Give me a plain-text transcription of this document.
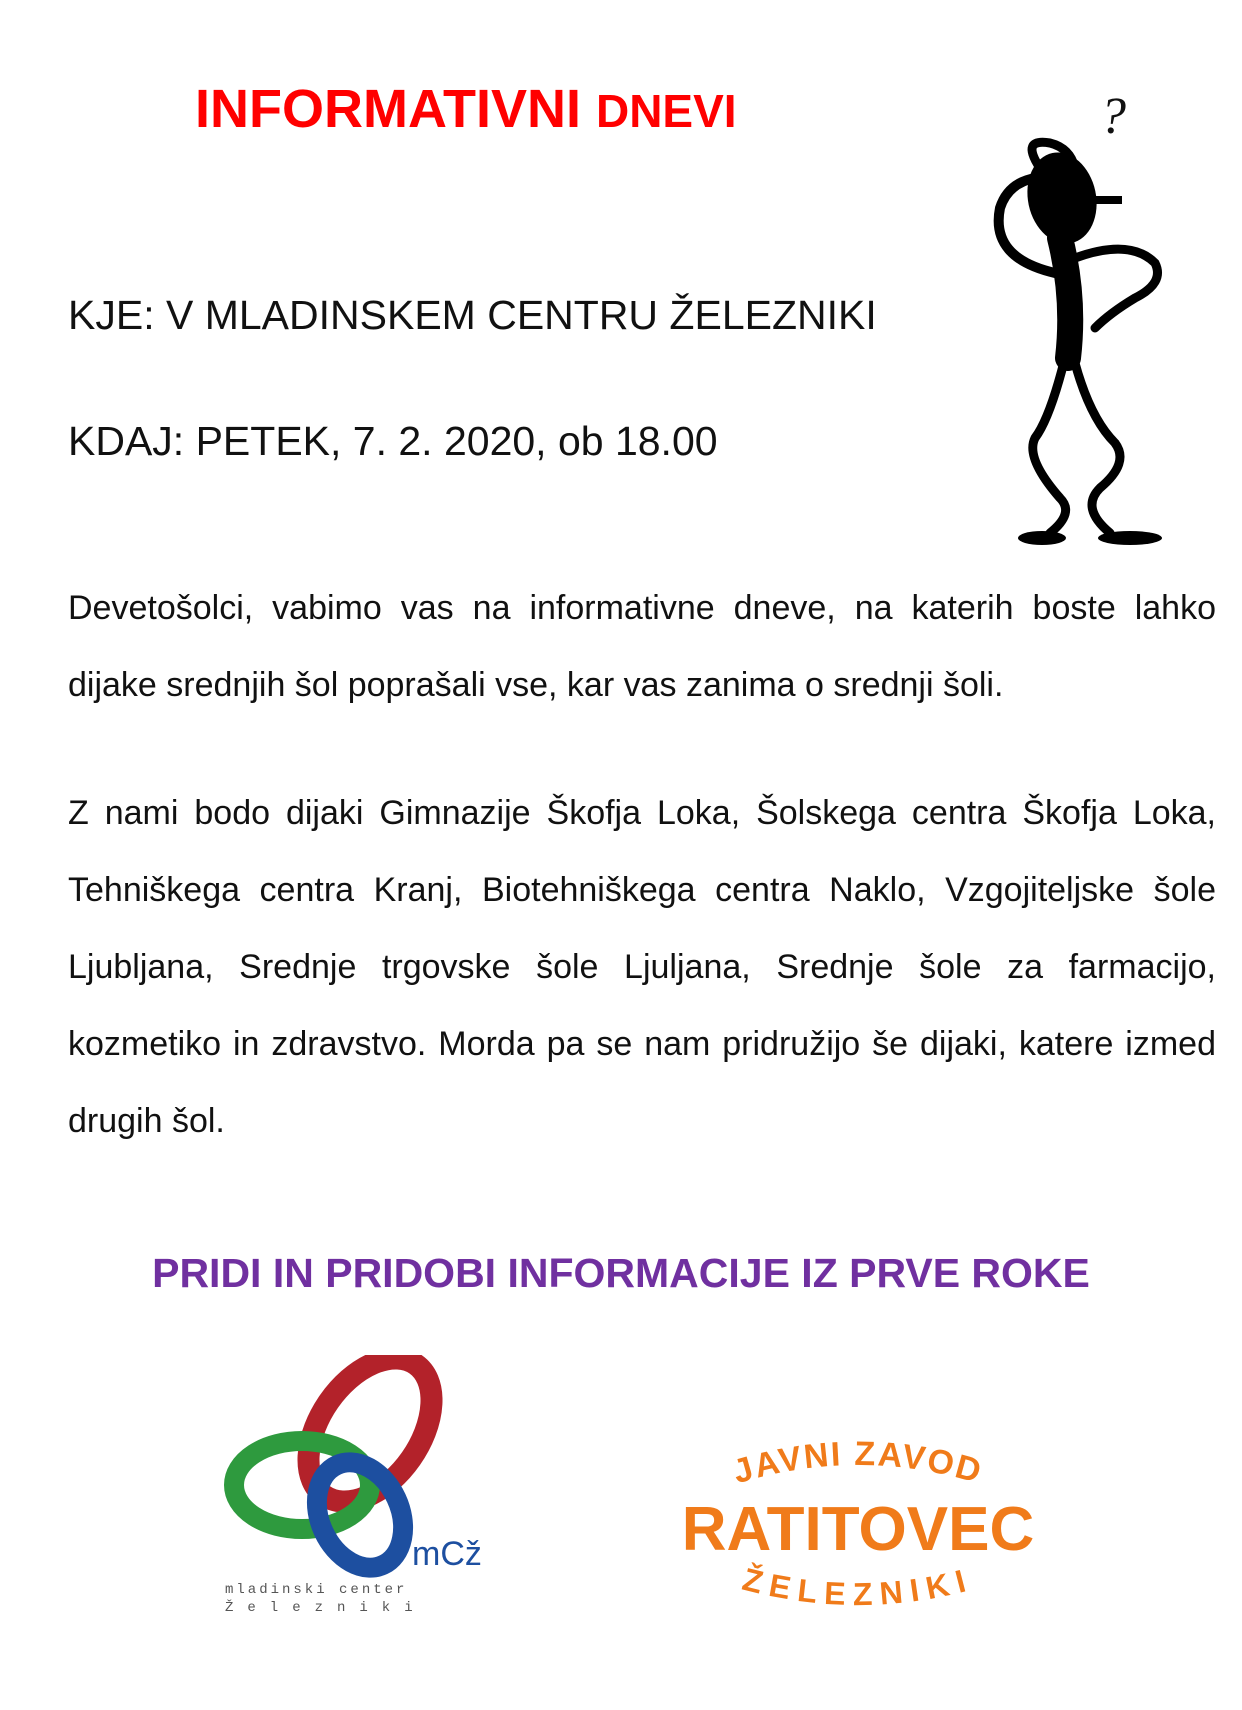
INFORMATIVNI DNEVI	?
KJE: V MLADINSKEM CENTRU ŽELEZNIKI
KDAJ: PETEK, 7. 2. 2020, ob 18.00
Devetošolci, vabimo vas na informativne dneve, na katerih boste lahko dijake srednjih šol poprašali vse, kar vas zanima o srednji šoli.
Z nami bodo dijaki Gimnazije Škofja Loka, Šolskega centra Škofja Loka, Tehniškega centra Kranj, Biotehniškega centra Naklo, Vzgojiteljske šole Ljubljana, Srednje trgovske šole Ljuljana, Srednje šole za farmacijo, kozmetiko in zdravstvo. Morda pa se nam pridružijo še dijaki, katere izmed drugih šol.
PRIDI IN PRIDOBI INFORMACIJE IZ PRVE ROKE
mCž
mladinski center
Železniki
JAVNI ZAVOD
RATITOVEC
ŽELEZNIKI
